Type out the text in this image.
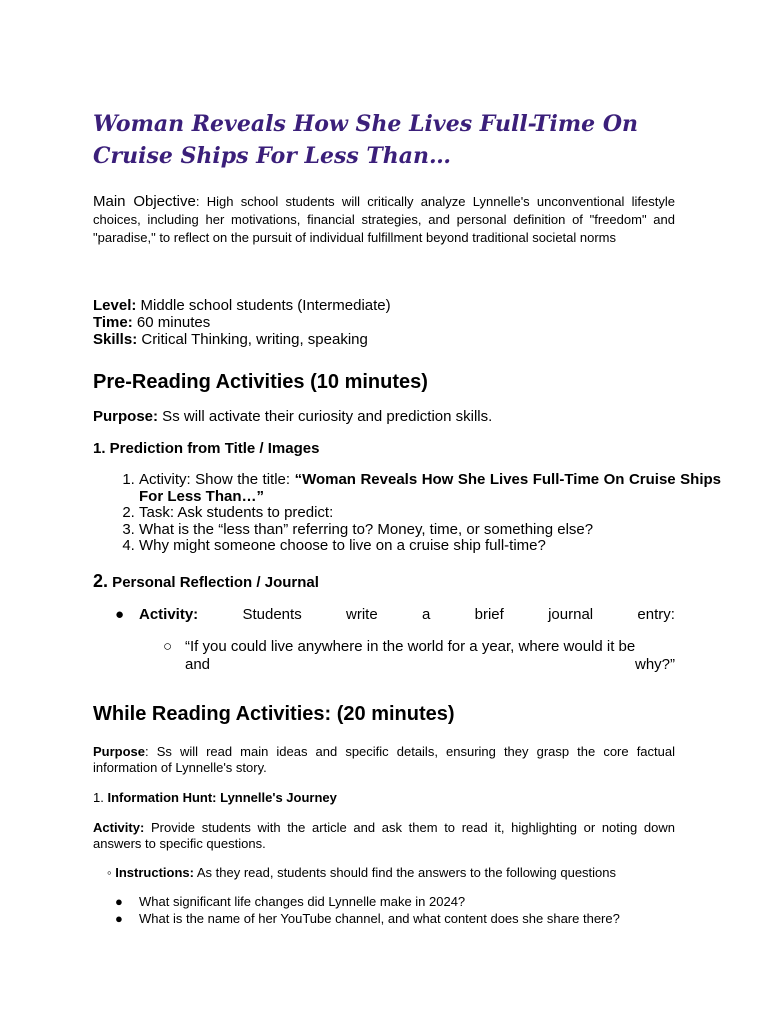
Woman Reveals How She Lives Full-Time On Cruise Ships For Less Than…
Main Objective: High school students will critically analyze Lynnelle's unconventional lifestyle choices, including her motivations, financial strategies, and personal definition of "freedom" and "paradise," to reflect on the pursuit of individual fulfillment beyond traditional societal norms
Level: Middle school students (Intermediate)
Time: 60 minutes
Skills: Critical Thinking, writing, speaking
Pre-Reading Activities (10 minutes)
Purpose: Ss will activate their curiosity and prediction skills.
1. Prediction from Title / Images
1. Activity: Show the title: “Woman Reveals How She Lives Full-Time On Cruise Ships For Less Than…”
2. Task: Ask students to predict:
3. What is the “less than” referring to? Money, time, or something else?
4. Why might someone choose to live on a cruise ship full-time?
2. Personal Reflection / Journal
● Activity:	Students	write	a	brief	journal	entry:
○ “If you could live anywhere in the world for a year, where would it be
and	why?”
While Reading Activities: (20 minutes)
Purpose: Ss will read main ideas and specific details, ensuring they grasp the core factual information of Lynnelle's story.
1. Information Hunt: Lynnelle's Journey
Activity: Provide students with the article and ask them to read it, highlighting or noting down answers to specific questions.
◦ Instructions: As they read, students should find the answers to the following questions
● What significant life changes did Lynnelle make in 2024?
● What is the name of her YouTube channel, and what content does she share there?
